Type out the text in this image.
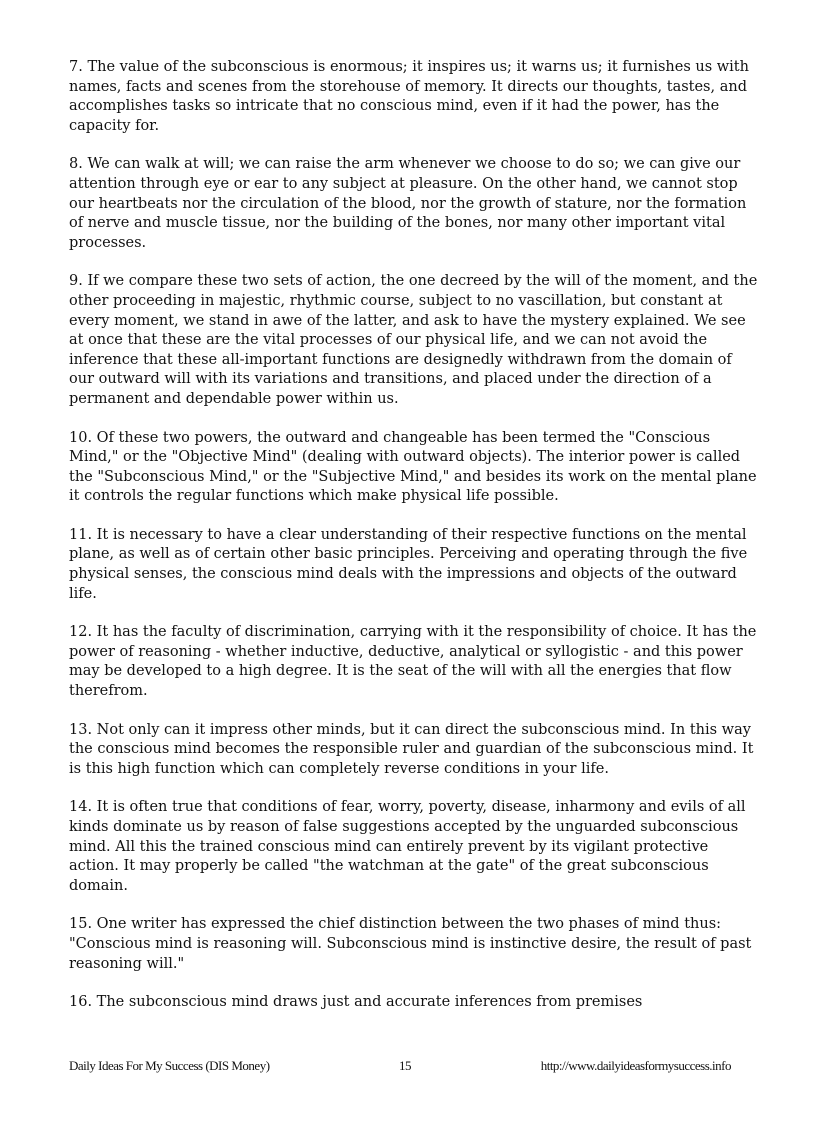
7. The value of the subconscious is enormous; it inspires us; it warns us; it furnishes us with names, facts and scenes from the storehouse of memory. It directs our thoughts, tastes, and accomplishes tasks so intricate that no conscious mind, even if it had the power, has the capacity for.

8. We can walk at will; we can raise the arm whenever we choose to do so; we can give our attention through eye or ear to any subject at pleasure. On the other hand, we cannot stop our heartbeats nor the circulation of the blood, nor the growth of stature, nor the formation of nerve and muscle tissue, nor the building of the bones, nor many other important vital processes.

9. If we compare these two sets of action, the one decreed by the will of the moment, and the other proceeding in majestic, rhythmic course, subject to no vascillation, but constant at every moment, we stand in awe of the latter, and ask to have the mystery explained. We see at once that these are the vital processes of our physical life, and we can not avoid the inference that these all-important functions are designedly withdrawn from the domain of our outward will with its variations and transitions, and placed under the direction of a permanent and dependable power within us.

10. Of these two powers, the outward and changeable has been termed the "Conscious Mind," or the "Objective Mind" (dealing with outward objects). The interior power is called the "Subconscious Mind," or the "Subjective Mind," and besides its work on the mental plane it controls the regular functions which make physical life possible.

11. It is necessary to have a clear understanding of their respective functions on the mental plane, as well as of certain other basic principles. Perceiving and operating through the five physical senses, the conscious mind deals with the impressions and objects of the outward life.

12. It has the faculty of discrimination, carrying with it the responsibility of choice. It has the power of reasoning - whether inductive, deductive, analytical or syllogistic - and this power may be developed to a high degree. It is the seat of the will with all the energies that flow therefrom.

13. Not only can it impress other minds, but it can direct the subconscious mind. In this way the conscious mind becomes the responsible ruler and guardian of the subconscious mind. It is this high function which can completely reverse conditions in your life.

14. It is often true that conditions of fear, worry, poverty, disease, inharmony and evils of all kinds dominate us by reason of false suggestions accepted by the unguarded subconscious mind. All this the trained conscious mind can entirely prevent by its vigilant protective action. It may properly be called "the watchman at the gate" of the great subconscious domain.

15. One writer has expressed the chief distinction between the two phases of mind thus: "Conscious mind is reasoning will. Subconscious mind is instinctive desire, the result of past reasoning will."

16. The subconscious mind draws just and accurate inferences from premises

Daily Ideas For My Success (DIS Money)	15	http://www.dailyideasformysuccess.info
